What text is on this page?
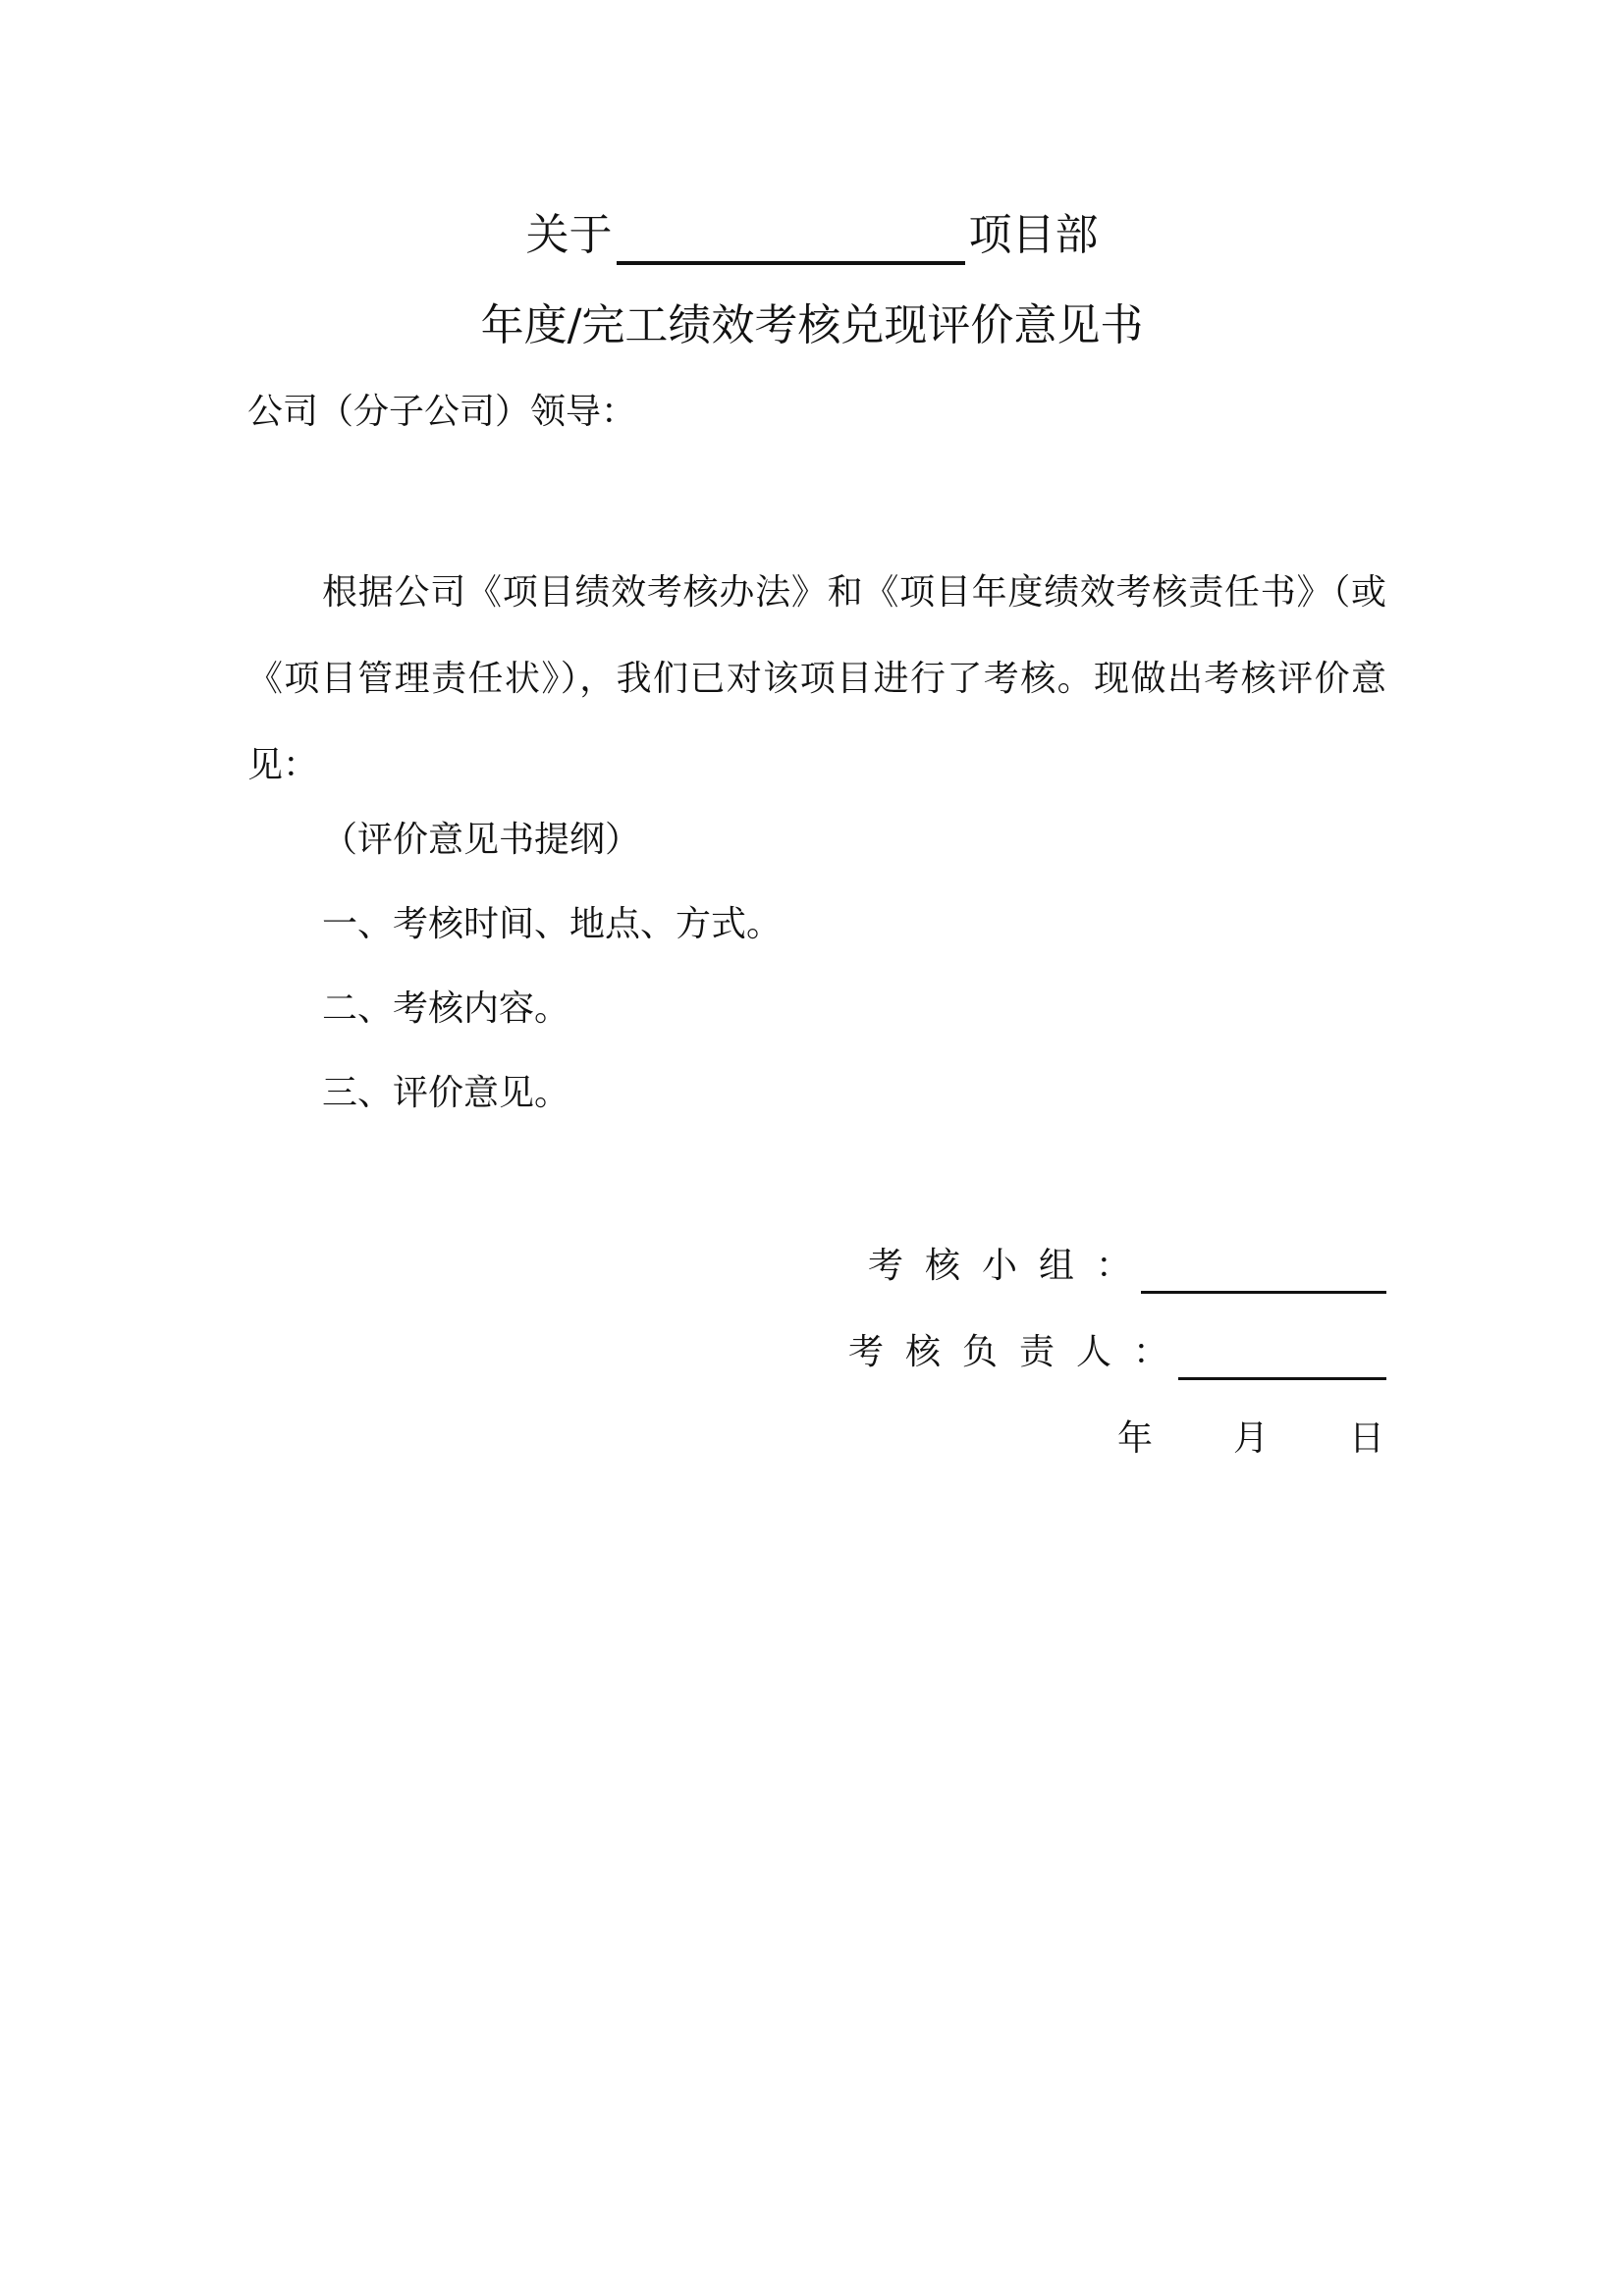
关于	项目部
年度/完工绩效考核兑现评价意见书
公司（分子公司）领导：
根据公司《项目绩效考核办法》和《项目年度绩效考核责任书》（或《项目管理责任状》），我们已对该项目进行了考核。现做出考核评价意见：
（评价意见书提纲）
一、考核时间、地点、方式。
二、考核内容。
三、评价意见。
考核小组：
考核负责人：
年 月 日
